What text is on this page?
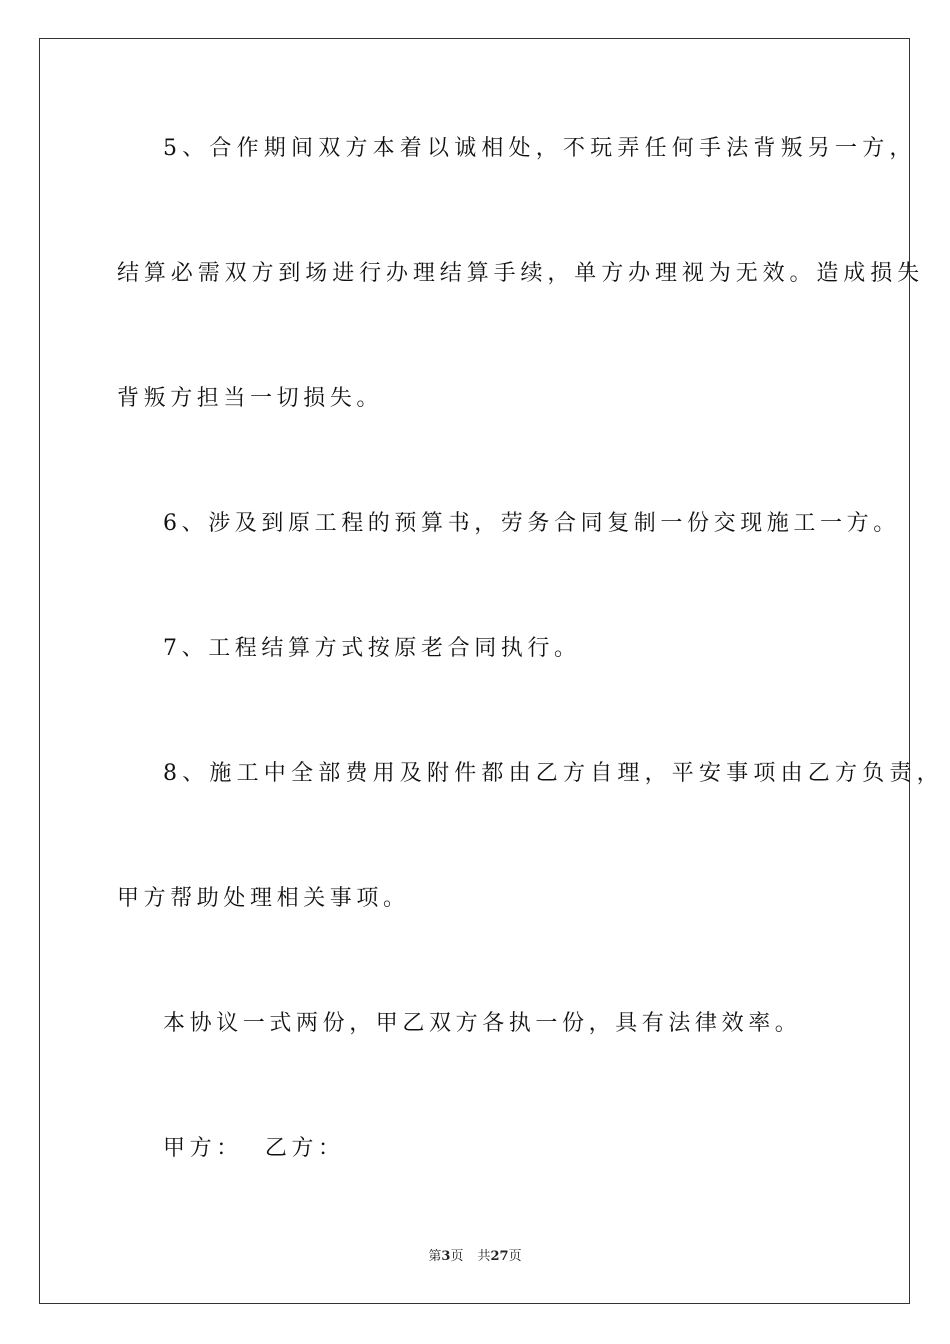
5、合作期间双方本着以诚相处，不玩弄任何手法背叛另一方，
结算必需双方到场进行办理结算手续，单方办理视为无效。造成损失
背叛方担当一切损失。
6、涉及到原工程的预算书，劳务合同复制一份交现施工一方。
7、工程结算方式按原老合同执行。
8、施工中全部费用及附件都由乙方自理，平安事项由乙方负责，
甲方帮助处理相关事项。
本协议一式两份，甲乙双方各执一份，具有法律效率。
甲方： 乙方：
第3页 共27页
